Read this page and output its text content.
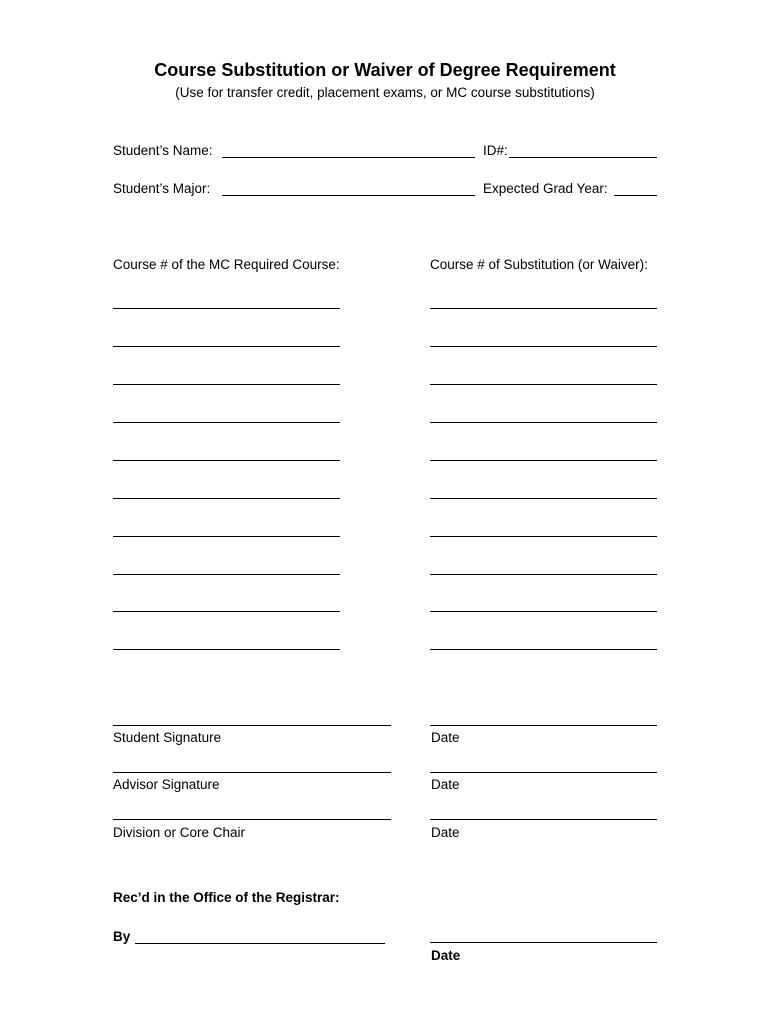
Course Substitution or Waiver of Degree Requirement
(Use for transfer credit, placement exams, or MC course substitutions)
Student’s Name:	ID#:
Student’s Major:	Expected Grad Year:
Course # of the MC Required Course:	Course # of Substitution (or Waiver):
Student Signature	Date
Advisor Signature	Date
Division or Core Chair	Date
Rec’d in the Office of the Registrar:
By
Date
